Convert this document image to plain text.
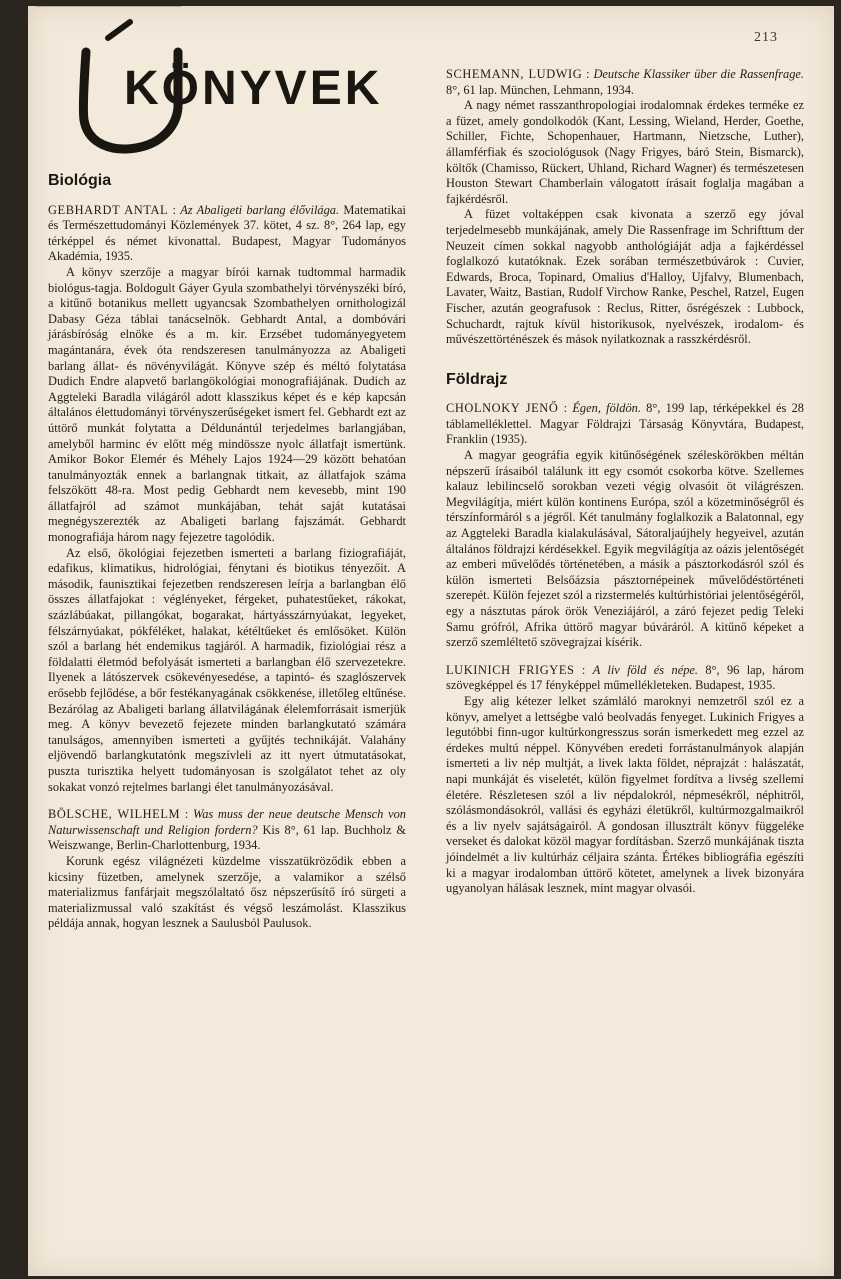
213
KÖNYVEK
Biológia

GEBHARDT ANTAL : Az Abaligeti barlang élővilága. Matematikai és Természettudományi Közlemények 37. kötet, 4 sz. 8°, 264 lap, egy térképpel és német kivonattal. Budapest, Magyar Tudományos Akadémia, 1935.

A könyv szerzője a magyar bírói karnak tudtommal harmadik biológus-tagja. Boldogult Gáyer Gyula szombathelyi törvényszéki bíró, a kitűnő botanikus mellett ugyancsak Szombathelyen ornithologizál Dabasy Géza táblai tanácselnök. Gebhardt Antal, a dombóvári járásbíróság elnöke és a m. kir. Erzsébet tudományegyetem magántanára, évek óta rendszeresen tanulmányozza az Abaligeti barlang állat- és növényvilágát. Könyve szép és méltó folytatása Dudich Endre alapvető barlangökológiai monografiájának. Dudich az Aggteleki Baradla világáról adott klasszikus képet és e kép kapcsán általános élettudományi törvényszerűségeket ismert fel. Gebhardt ezt az úttörő munkát folytatta a Déldunántúl terjedelmes barlangjában, amelyből harminc év előtt még mindössze nyolc állatfajt ismertünk. Amikor Bokor Elemér és Méhely Lajos 1924—29 között behatóan tanulmányozták ennek a barlangnak titkait, az állatfajok száma felszökött 48-ra. Most pedig Gebhardt nem kevesebb, mint 190 állatfajról ad számot munkájában, tehát saját kutatásai megnégyszerezték az Abaligeti barlang fajszámát. Gebhardt monografiája három nagy fejezetre tagolódik.

Az első, ökológiai fejezetben ismerteti a barlang fiziografiáját, edafikus, klimatikus, hidrológiai, fénytani és biotikus tényezőit. A második, faunisztikai fejezetben rendszeresen leírja a barlangban élő összes állatfajokat : véglényeket, férgeket, puhatestűeket, rákokat, százlábúakat, pillangókat, bogarakat, hártyásszárnyúakat, legyeket, félszárnyúakat, pókféléket, halakat, kétéltűeket és emlősöket. Külön szól a barlang hét endemikus tagjáról. A harmadik, fiziológiai rész a földalatti életmód befolyását ismerteti a barlangban élő szervezetekre. Ilyenek a látószervek csökevényesedése, a tapintó- és szaglószervek erősebb fejlődése, a bőr festékanyagának csökkenése, illetőleg eltűnése. Bezárólag az Abaligeti barlang állatvilágának élelemforrásait ismerjük meg. A könyv bevezető fejezete minden barlangkutató számára tanulságos, amennyiben ismerteti a gyűjtés technikáját. Valahány eljövendő barlangkutatónk megszívleli az itt nyert útmutatásokat, puszta turisztika helyett tudományosan is szolgálatot tehet az oly sokakat vonzó rejtelmes barlangi élet tanulmányozásával.

BÖLSCHE, WILHELM : Was muss der neue deutsche Mensch von Naturwissenschaft und Religion fordern? Kis 8°, 61 lap. Buchholz & Weiszwange, Berlin-Charlottenburg, 1934.

Korunk egész világnézeti küzdelme visszatükröződik ebben a kicsiny füzetben, amelynek szerzője, a valamikor a szélső materializmus fanfárjait megszólaltató ősz népszerűsítő író sürgeti a materializmussal való szakítást és végső leszámolást. Klasszikus példája annak, hogyan lesznek a Saulusból Paulusok.

SCHEMANN, LUDWIG : Deutsche Klassiker über die Rassenfrage. 8°, 61 lap. München, Lehmann, 1934.

A nagy német rasszanthropologiai irodalomnak érdekes terméke ez a füzet, amely gondolkodók (Kant, Lessing, Wieland, Herder, Goethe, Schiller, Fichte, Schopenhauer, Hartmann, Nietzsche, Luther), államférfiak és szociológusok (Nagy Frigyes, báró Stein, Bismarck), költők (Chamisso, Rückert, Uhland, Richard Wagner) és természetesen Houston Stewart Chamberlain válogatott írásait foglalja magában a fajkérdésről.

A füzet voltaképpen csak kivonata a szerző egy jóval terjedelmesebb munkájának, amely Die Rassenfrage im Schrifttum der Neuzeit címen sokkal nagyobb anthológiáját adja a fajkérdéssel foglalkozó kutatóknak. Ezek sorában természetbúvárok : Cuvier, Edwards, Broca, Topinard, Omalius d'Halloy, Ujfalvy, Blumenbach, Lavater, Waitz, Bastian, Rudolf Virchow Ranke, Peschel, Ratzel, Eugen Fischer, azután geografusok : Reclus, Ritter, ősrégészek : Lubbock, Schuchardt, rajtuk kívül historikusok, nyelvészek, irodalom- és művészettörténészek és mások nyilatkoznak a rasszkérdésről.

Földrajz

CHOLNOKY JENŐ : Égen, földön. 8°, 199 lap, térképekkel és 28 táblamelléklettel. Magyar Földrajzi Társaság Könyvtára, Budapest, Franklin (1935).

A magyar geográfia egyik kitűnőségének széleskörökben méltán népszerű írásaiból találunk itt egy csomót csokorba kötve. Szellemes kalauz lebilincselő sorokban vezeti végig olvasóit öt világrészen. Megvilágítja, miért külön kontinens Európa, szól a közetminőségről és térszínformáról s a jégről. Két tanulmány foglalkozik a Balatonnal, egy az Aggteleki Baradla kialakulásával, Sátoraljaújhely hegyeivel, azután általános földrajzi kérdésekkel. Egyik megvilágítja az oázis jelentőségét az emberi művelődés történetében, a másik a pásztorkodásról szól és külön ismerteti Belsőázsia pásztornépeinek művelődéstörténeti szerepét. Külön fejezet szól a rizstermelés kultúrhistóriai jelentőségéről, egy a násztutas párok örök Veneziájáról, a záró fejezet pedig Teleki Samu grófról, Afrika úttörő magyar búváráról. A kitűnő képeket a szerző szemléltető szövegrajzai kísérik.

LUKINICH FRIGYES : A liv föld és népe. 8°, 96 lap, három szövegképpel és 17 fényképpel műmellékleteken. Budapest, 1935.

Egy alig kétezer lelket számláló maroknyi nemzetről szól ez a könyv, amelyet a lettségbe való beolvadás fenyeget. Lukinich Frigyes a legutóbbi finn-ugor kultúrkongresszus során ismerkedett meg ezzel az érdekes multú néppel. Könyvében eredeti forrástanulmányok alapján ismerteti a liv nép multját, a livek lakta földet, néprajzát : halászatát, napi munkáját és viseletét, külön figyelmet fordítva a livség szellemi életére. Részletesen szól a liv népdalokról, népmesékről, néphitről, szólásmondásokról, vallási és egyházi életükről, kultúrmozgalmaikról és a liv nyelv sajátságairól. A gondosan illusztrált könyv függeléke verseket és dalokat közöl magyar fordításban. Szerző munkájának tiszta jóindelmét a liv kultúrház céljaira szánta. Értékes bibliográfia egészíti ki a magyar irodalomban úttörő kötetet, amelynek a livek bizonyára ugyanolyan hálásak lesznek, mint magyar olvasói.
